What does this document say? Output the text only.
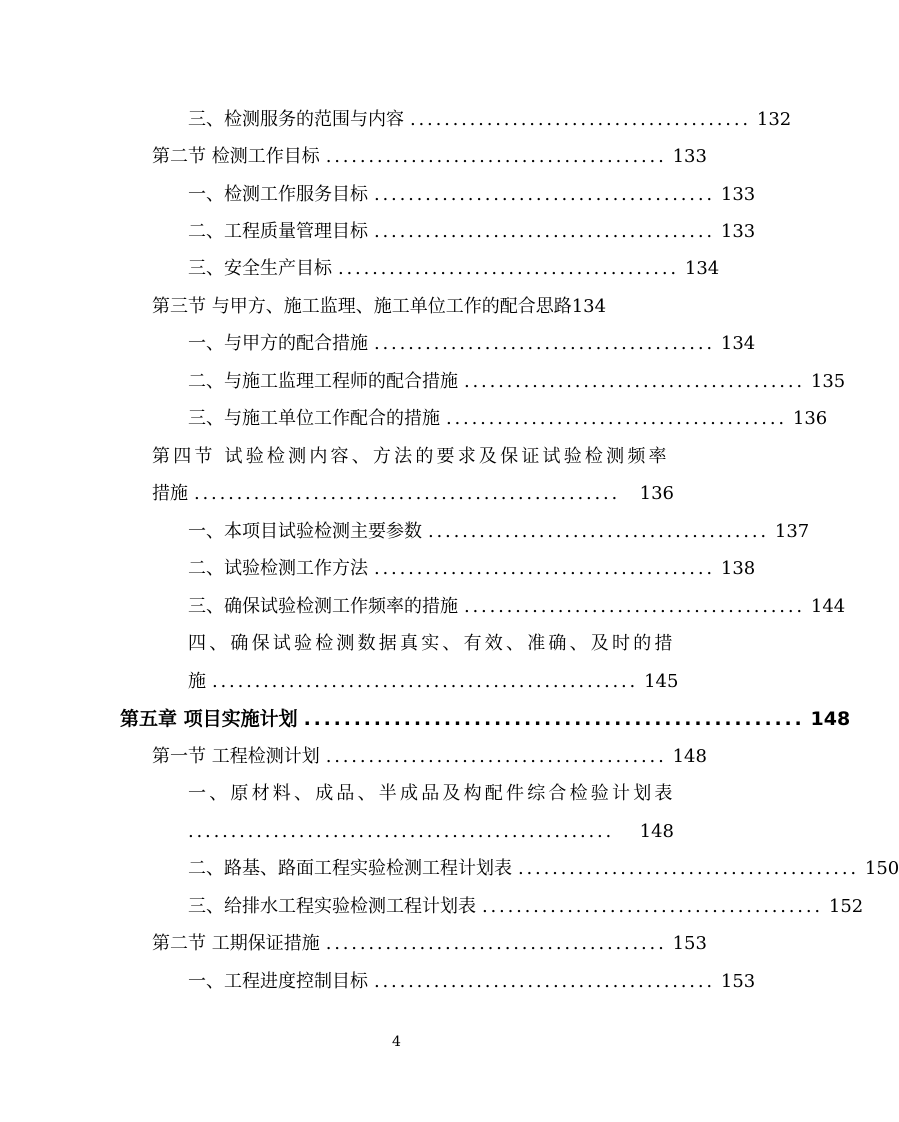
三、检测服务的范围与内容 ........................................ 132
第二节 检测工作目标 ........................................ 133
一、检测工作服务目标 ........................................ 133
二、工程质量管理目标 ........................................ 133
三、安全生产目标 ........................................ 134
第三节 与甲方、施工监理、施工单位工作的配合思路 134
一、与甲方的配合措施 ........................................ 134
二、与施工监理工程师的配合措施 ........................................ 135
三、与施工单位工作配合的措施 ........................................ 136
第四节 试验检测内容、方法的要求及保证试验检测频率
措施 ..................................................	136
一、本项目试验检测主要参数 ........................................ 137
二、试验检测工作方法 ........................................ 138
三、确保试验检测工作频率的措施 ........................................ 144
四、确保试验检测数据真实、有效、准确、及时的措
施 .................................................. 145
第五章 项目实施计划 .................................................. 148
第一节 工程检测计划 ........................................ 148
一、原材料、成品、半成品及构配件综合检验计划表
..................................................	148
二、路基、路面工程实验检测工程计划表 ........................................ 150
三、给排水工程实验检测工程计划表 ........................................ 152
第二节 工期保证措施 ........................................ 153
一、工程进度控制目标 ........................................ 153
4
